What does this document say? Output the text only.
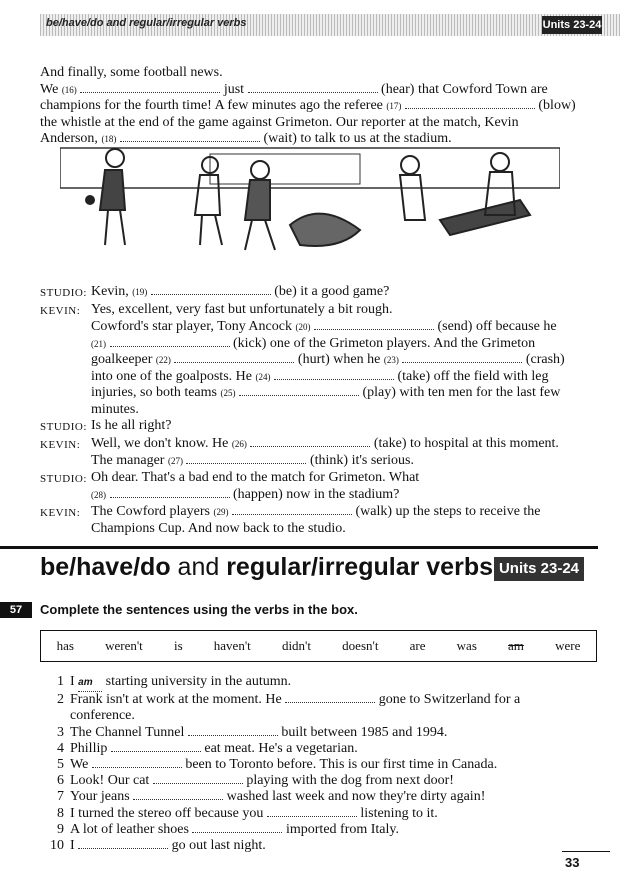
be/have/do and regular/irregular verbs	Units 23-24
And finally, some football news.
We (16)	just	(hear) that Cowford Town are
champions for the fourth time! A few minutes ago the referee (17)	(blow)
the whistle at the end of the game against Grimeton. Our reporter at the match, Kevin
Anderson, (18)	(wait) to talk to us at the stadium.
STUDIO: Kevin, (19)	(be) it a good game?
KEVIN: Yes, excellent, very fast but unfortunately a bit rough.
Cowford's star player, Tony Ancock (20)	(send) off because he
(21)	(kick) one of the Grimeton players. And the Grimeton
goalkeeper (22)	(hurt) when he (23)	(crash)
into one of the goalposts. He (24)	(take) off the field with leg
injuries, so both teams (25)	(play) with ten men for the last few
minutes.
STUDIO: Is he all right?
KEVIN: Well, we don't know. He (26)	(take) to hospital at this moment.
The manager (27)	(think) it's serious.
STUDIO: Oh dear. That's a bad end to the match for Grimeton. What
(28)	(happen) now in the stadium?
KEVIN: The Cowford players (29)	(walk) up the steps to receive the
Champions Cup. And now back to the studio.
be/have/do and regular/irregular verbs Units 23-24
57	Complete the sentences using the verbs in the box.
has weren't is haven't didn't doesn't are was am were
1 I am starting university in the autumn.
2 Frank isn't at work at the moment. He	gone to Switzerland for a
conference.
3 The Channel Tunnel	built between 1985 and 1994.
4 Phillip	eat meat. He's a vegetarian.
5 We	been to Toronto before. This is our first time in Canada.
6 Look! Our cat	playing with the dog from next door!
7 Your jeans	washed last week and now they're dirty again!
8 I turned the stereo off because you	listening to it.
9 A lot of leather shoes	imported from Italy.
10 I	go out last night.
33
